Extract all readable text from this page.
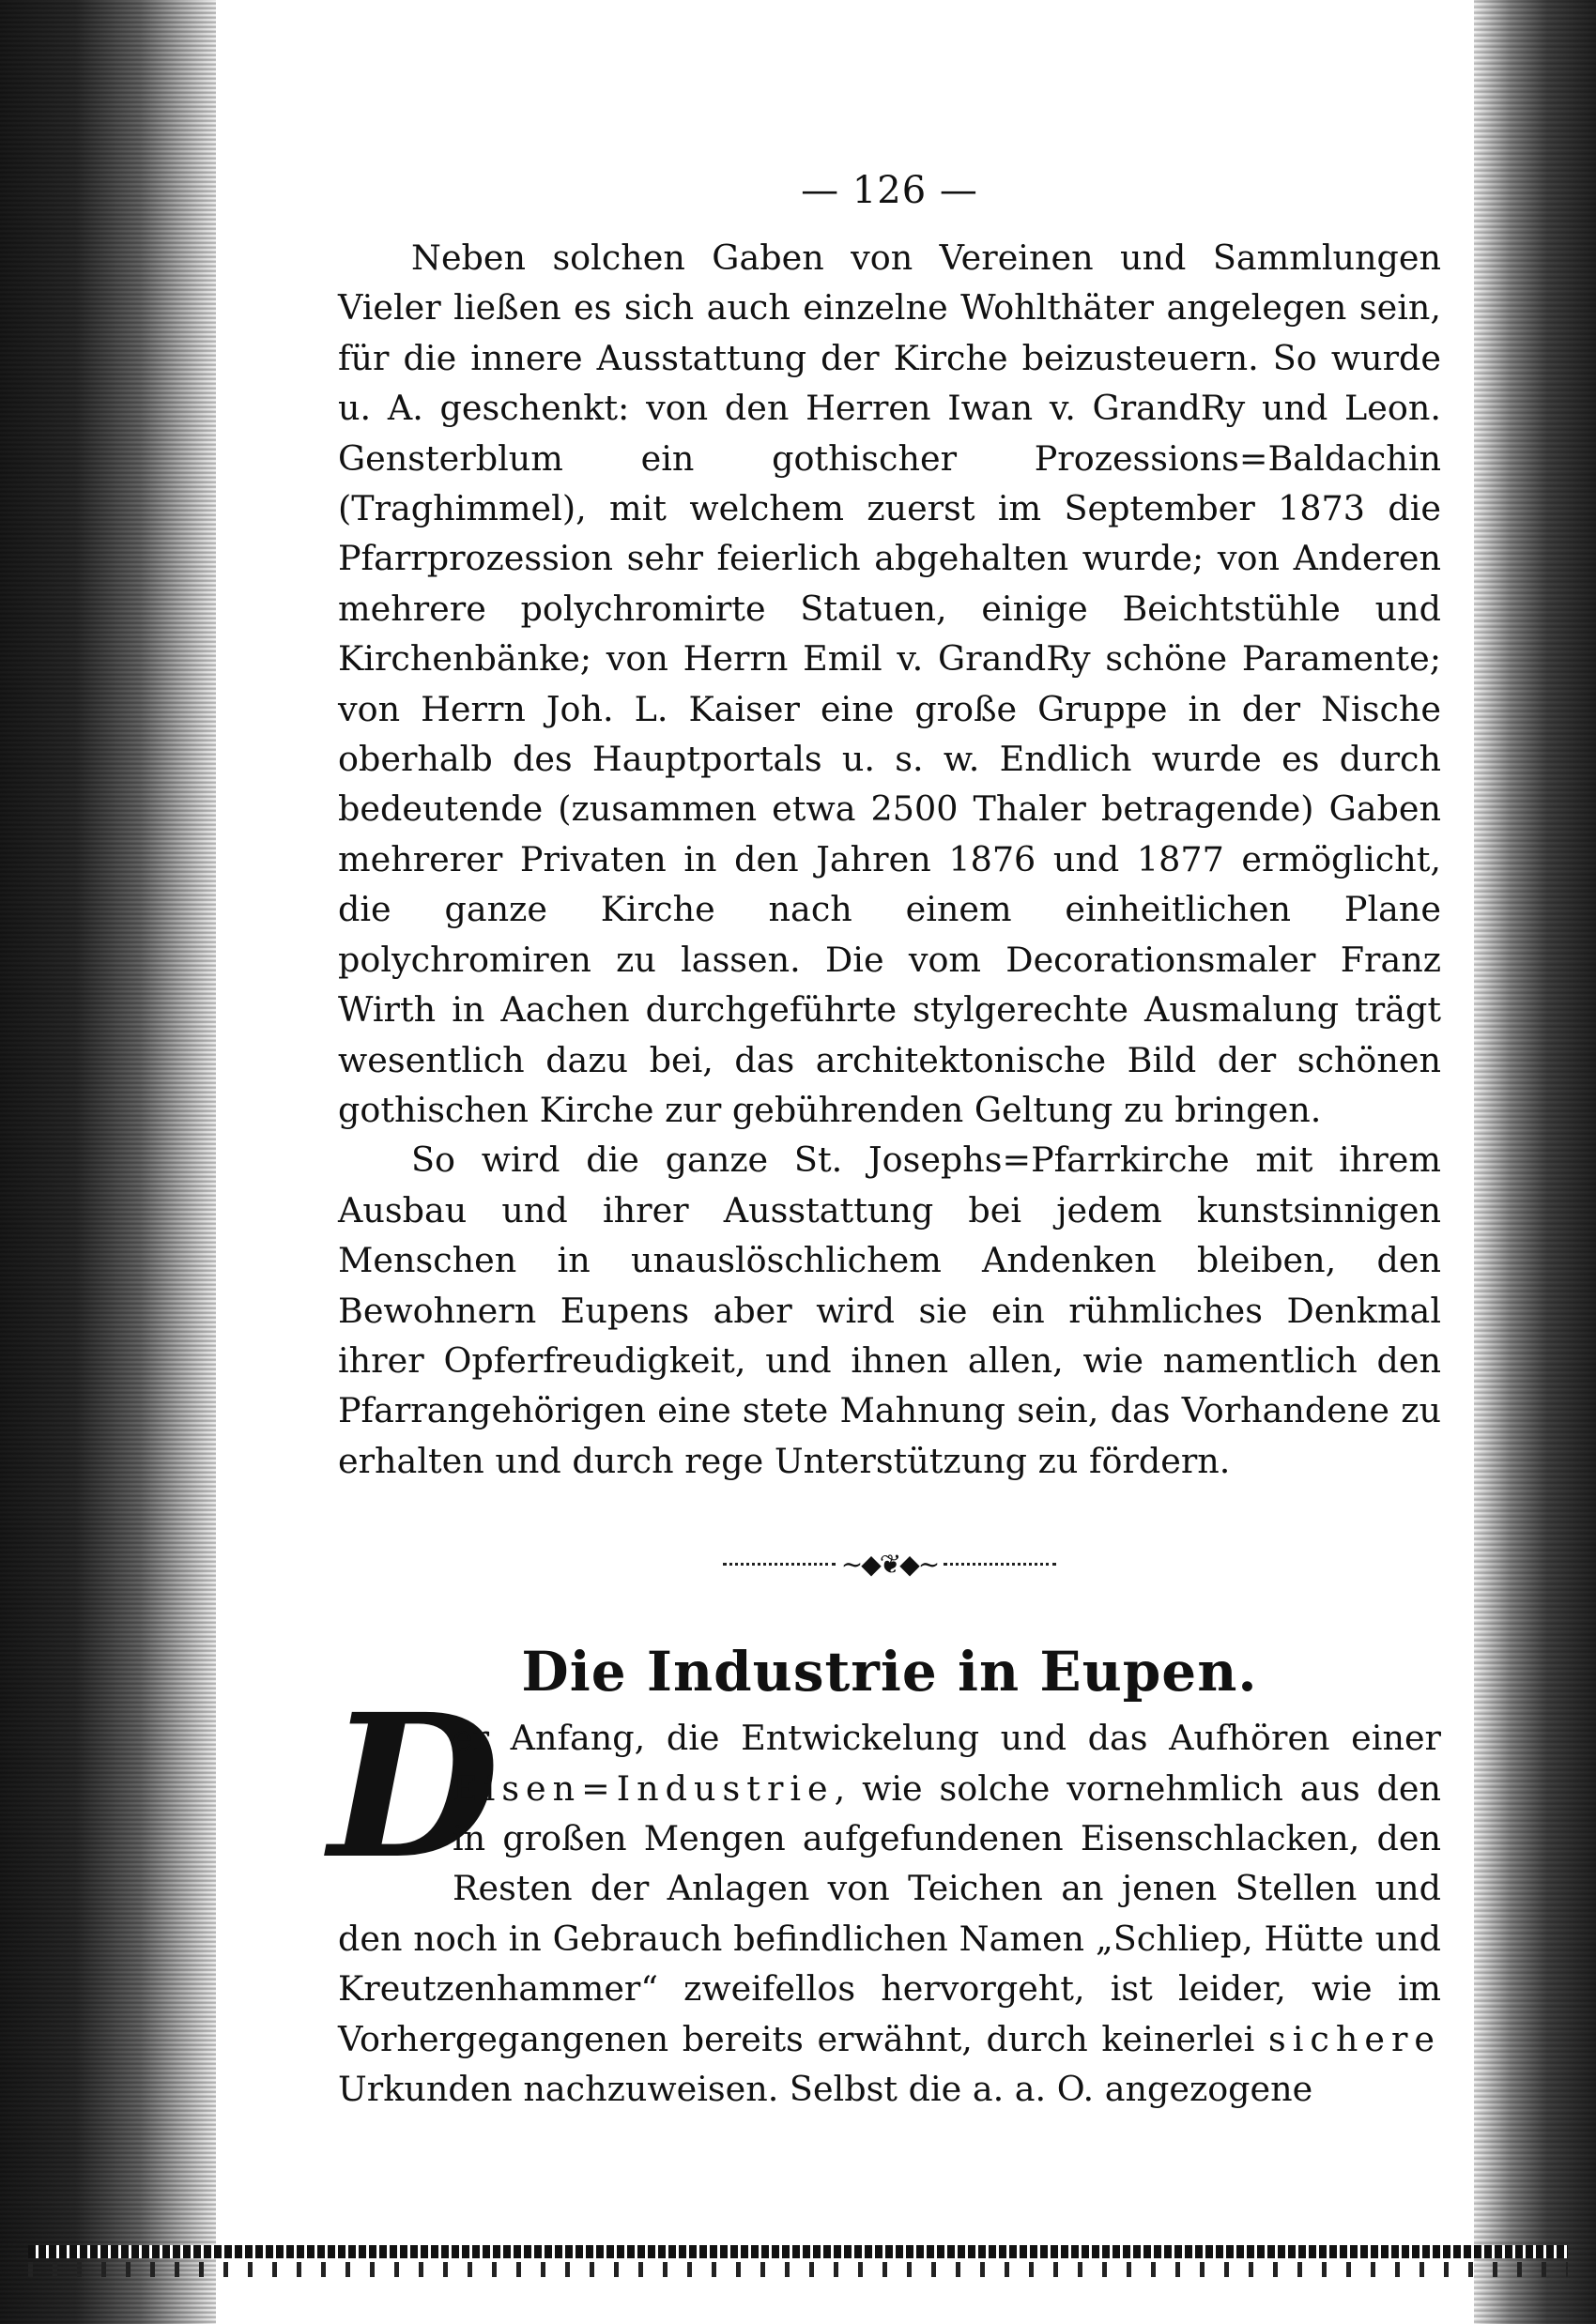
— 126 —

Neben solchen Gaben von Vereinen und Sammlungen Vieler ließen es sich auch einzelne Wohlthäter angelegen sein, für die innere Ausstattung der Kirche beizusteuern. So wurde u. A. geschenkt: von den Herren Iwan v. GrandRy und Leon. Gensterblum ein gothischer Prozessions=Baldachin (Traghimmel), mit welchem zuerst im September 1873 die Pfarrprozession sehr feierlich abgehalten wurde; von Anderen mehrere polychromirte Statuen, einige Beichtstühle und Kirchenbänke; von Herrn Emil v. GrandRy schöne Paramente; von Herrn Joh. L. Kaiser eine große Gruppe in der Nische oberhalb des Hauptportals u. s. w. Endlich wurde es durch bedeutende (zusammen etwa 2500 Thaler betragende) Gaben mehrerer Privaten in den Jahren 1876 und 1877 ermöglicht, die ganze Kirche nach einem einheitlichen Plane polychromiren zu lassen. Die vom Decorationsmaler Franz Wirth in Aachen durchgeführte stylgerechte Ausmalung trägt wesentlich dazu bei, das architektonische Bild der schönen gothischen Kirche zur gebührenden Geltung zu bringen.

So wird die ganze St. Josephs=Pfarrkirche mit ihrem Ausbau und ihrer Ausstattung bei jedem kunstsinnigen Menschen in unauslöschlichem Andenken bleiben, den Bewohnern Eupens aber wird sie ein rühmliches Denkmal ihrer Opferfreudigkeit, und ihnen allen, wie namentlich den Pfarrangehörigen eine stete Mahnung sein, das Vorhandene zu erhalten und durch rege Unterstützung zu fördern.

~◆❦◆~
Die Industrie in Eupen.

D
er Anfang, die Entwickelung und das Aufhören einer Eisen=Industrie, wie solche vornehmlich aus den in großen Mengen aufgefundenen Eisenschlacken, den Resten der Anlagen von Teichen an jenen Stellen und den noch in Gebrauch befindlichen Namen „Schliep, Hütte und Kreutzenhammer“ zweifellos hervorgeht, ist leider, wie im Vorhergegangenen bereits erwähnt, durch keinerlei sichere Urkunden nachzuweisen. Selbst die a. a. O. angezogene
